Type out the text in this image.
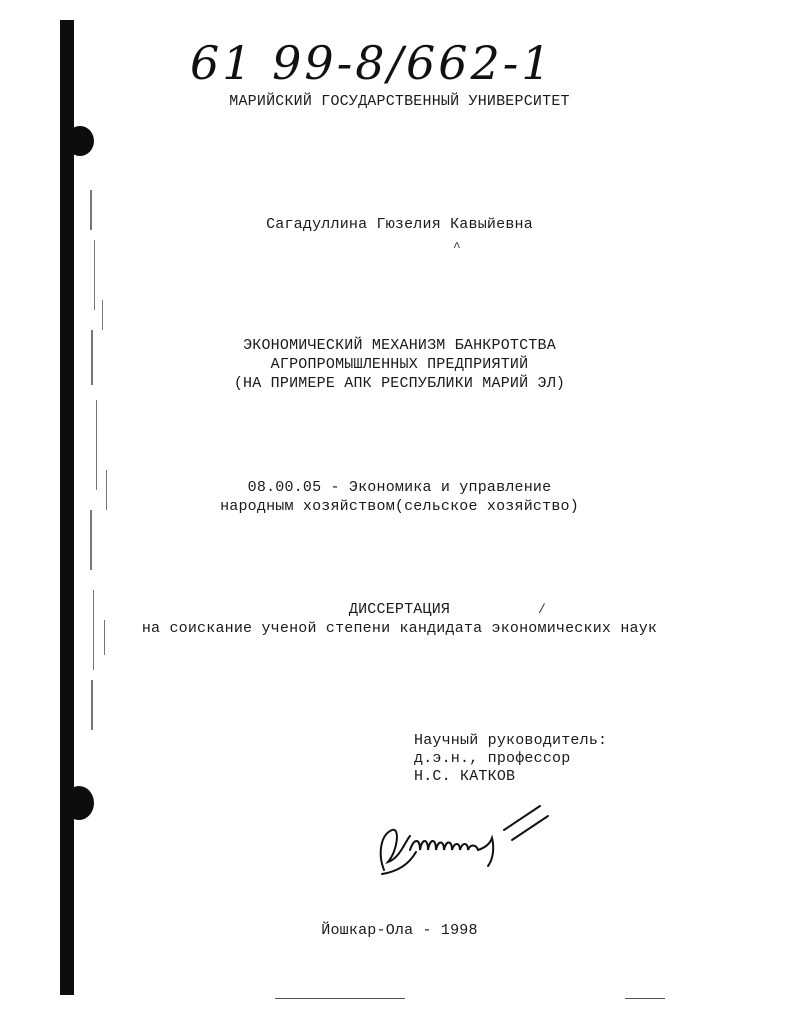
61 99-8/662-1
МАРИЙСКИЙ ГОСУДАРСТВЕННЫЙ УНИВЕРСИТЕТ
Сагадуллина Гюзелия Кавыйевна
^
ЭКОНОМИЧЕСКИЙ МЕХАНИЗМ БАНКРОТСТВА
АГРОПРОМЫШЛЕННЫХ ПРЕДПРИЯТИЙ
(НА ПРИМЕРЕ АПК РЕСПУБЛИКИ МАРИЙ ЭЛ)
08.00.05 - Экономика и управление
народным хозяйством(сельское хозяйство)
ДИССЕРТАЦИЯ	/
на соискание ученой степени кандидата экономических наук
Научный руководитель:
д.э.н., профессор
Н.С. КАТКОВ
Йошкар-Ола - 1998
